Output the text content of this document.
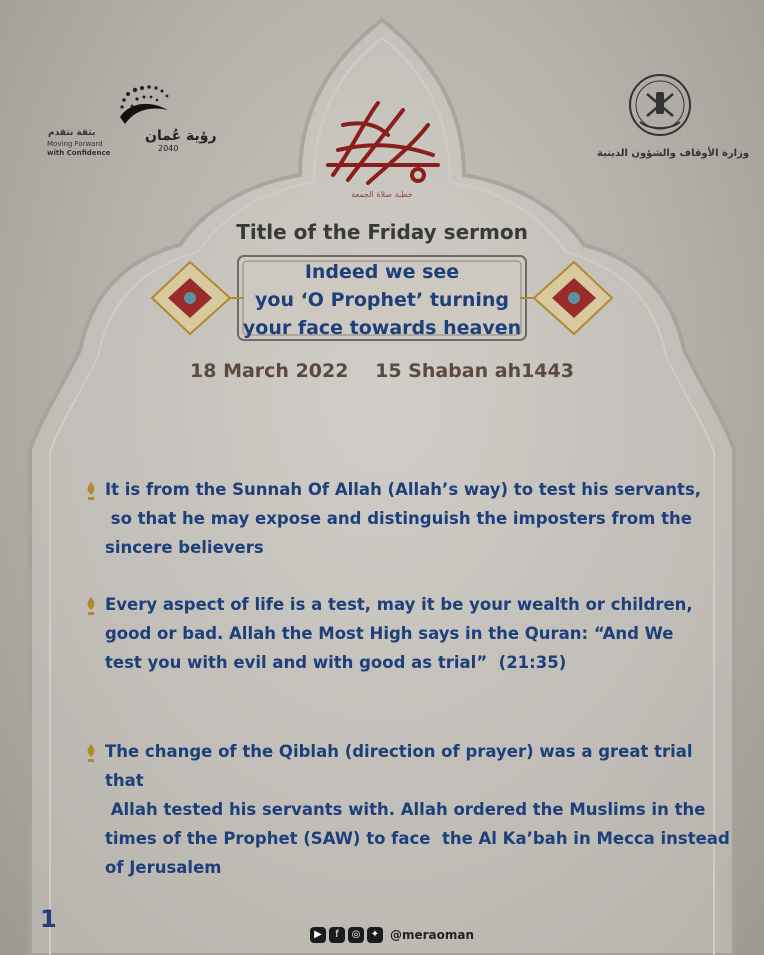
رؤية عُمان
2040
بثقة نتقدم
Moving Forward
with Confidence	وزارة الأوقاف والشؤون الدينية
خطبة صلاة الجمعة
Title of the Friday sermon
Indeed we see
you ‘O Prophet’ turning
your face towards heaven
18 March 2022 15 Shaban ah1443
It is from the Sunnah Of Allah (Allah’s way) to test his servants,
so that he may expose and distinguish the imposters from the
sincere believers
Every aspect of life is a test, may it be your wealth or children,
good or bad. Allah the Most High says in the Quran: “And We
test you with evil and with good as trial”  (21:35)
The change of the Qiblah (direction of prayer) was a great trial that
Allah tested his servants with. Allah ordered the Muslims in the
times of the Prophet (SAW) to face  the Al Ka’bah in Mecca instead
of Jerusalem
1
▶	f	◎	✦ @meraoman
